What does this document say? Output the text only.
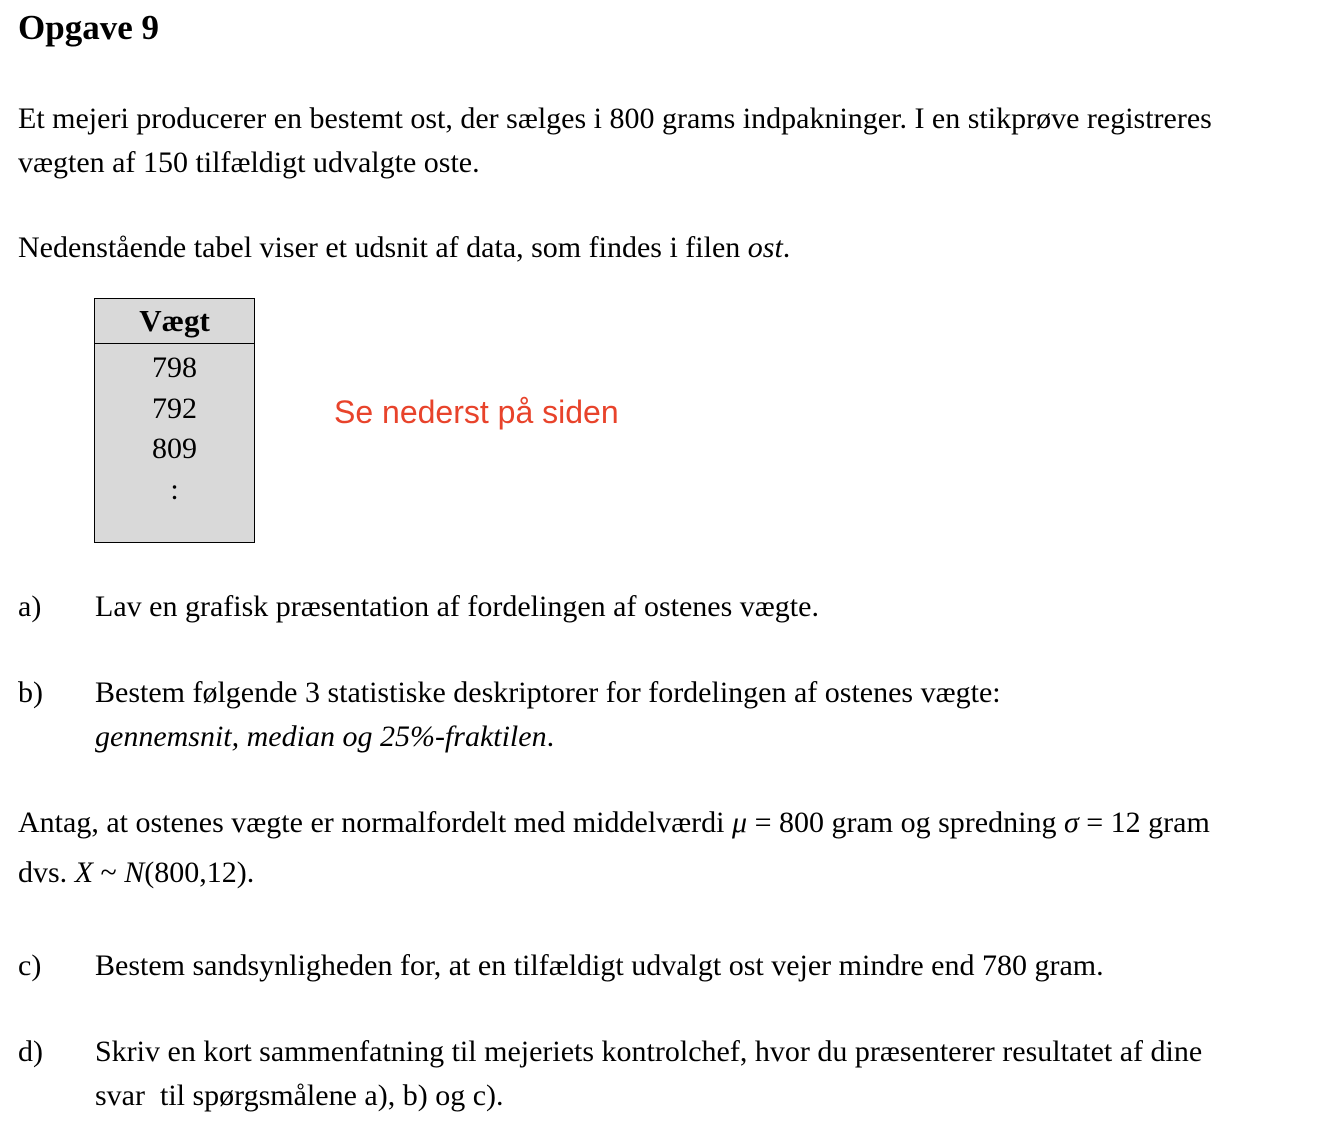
Opgave 9
Et mejeri producerer en bestemt ost, der sælges i 800 grams indpakninger. I en stikprøve registreres
vægten af 150 tilfældigt udvalgte oste.
Nedenstående tabel viser et udsnit af data, som findes i filen ost.
Vægt
798
792
809
:
Se nederst på siden
a) Lav en grafisk præsentation af fordelingen af ostenes vægte.
b) Bestem følgende 3 statistiske deskriptorer for fordelingen af ostenes vægte:
gennemsnit, median og 25%-fraktilen.
Antag, at ostenes vægte er normalfordelt med middelværdi μ = 800 gram og spredning σ = 12 gram
dvs. X ~ N(800,12).
c) Bestem sandsynligheden for, at en tilfældigt udvalgt ost vejer mindre end 780 gram.
d) Skriv en kort sammenfatning til mejeriets kontrolchef, hvor du præsenterer resultatet af dine
svar  til spørgsmålene a), b) og c).
